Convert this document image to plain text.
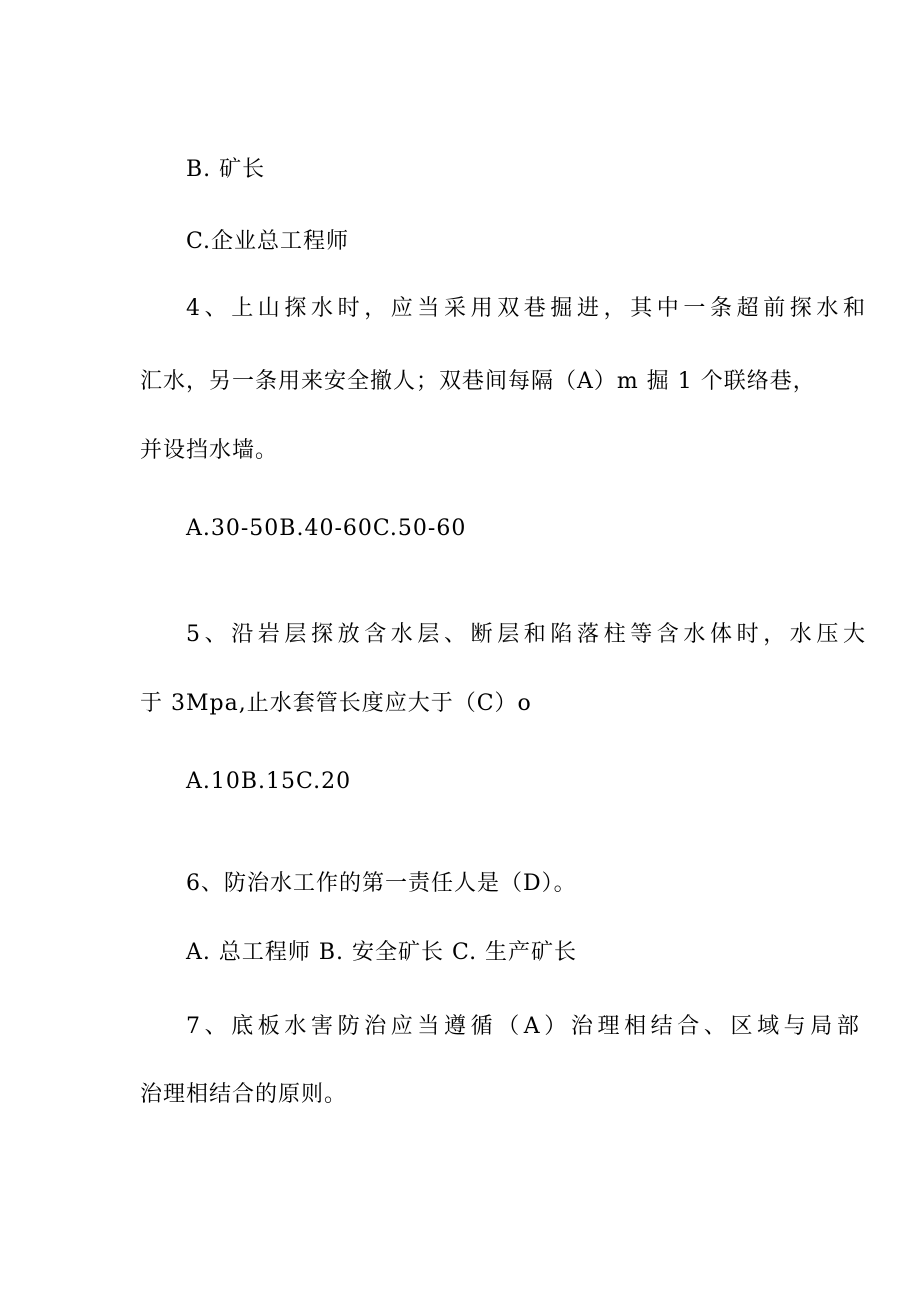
B. 矿长
C.企业总工程师
4、上山探水时，应当采用双巷掘进，其中一条超前探水和
汇水，另一条用来安全撤人；双巷间每隔（A）m 掘 1 个联络巷，
并设挡水墙。
A.30-50B.40-60C.50-60
5、沿岩层探放含水层、断层和陷落柱等含水体时，水压大
于 3Mpa,止水套管长度应大于（C）o
A.10B.15C.20
6、防治水工作的第一责任人是（D）。
A. 总工程师 B. 安全矿长 C. 生产矿长
7、底板水害防治应当遵循（A）治理相结合、区域与局部
治理相结合的原则。
